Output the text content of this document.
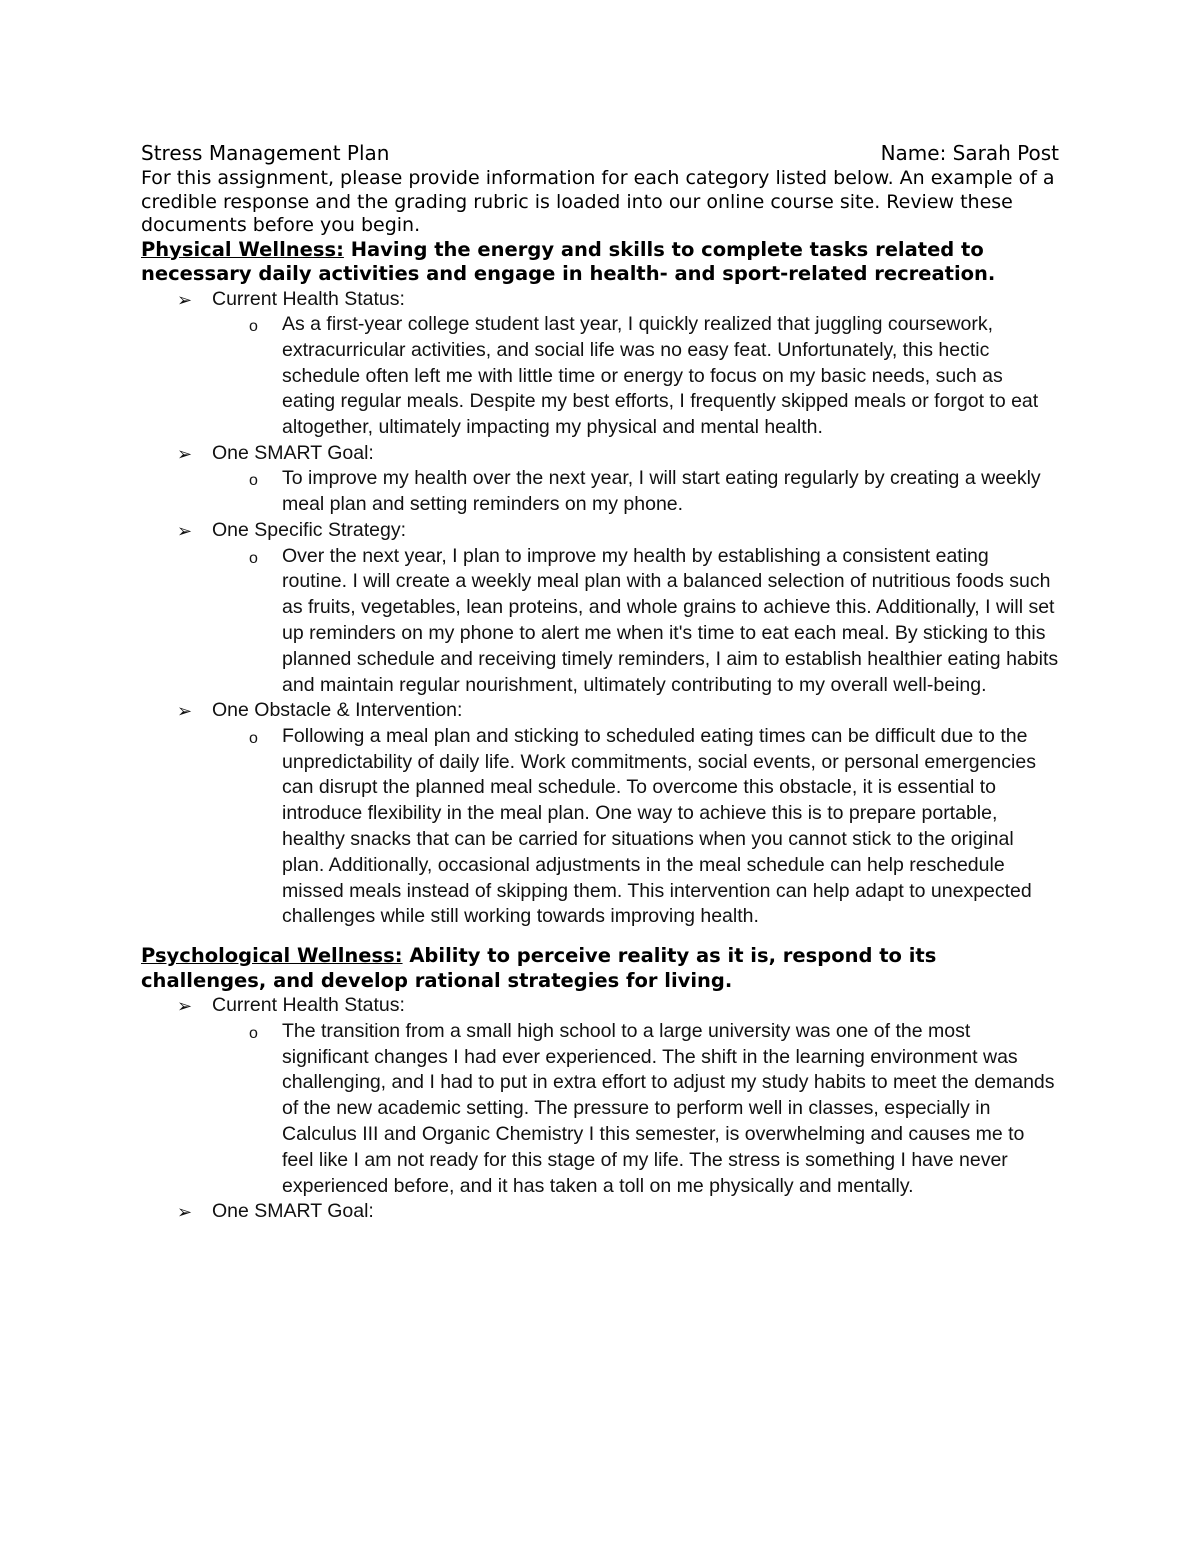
Stress Management Plan	Name: Sarah Post

For this assignment, please provide information for each category listed below. An example of a credible response and the grading rubric is loaded into our online course site. Review these documents before you begin.

Physical Wellness: Having the energy and skills to complete tasks related to necessary daily activities and engage in health- and sport-related recreation.

➢ Current Health Status:
o As a first-year college student last year, I quickly realized that juggling coursework, extracurricular activities, and social life was no easy feat. Unfortunately, this hectic schedule often left me with little time or energy to focus on my basic needs, such as eating regular meals. Despite my best efforts, I frequently skipped meals or forgot to eat altogether, ultimately impacting my physical and mental health.
➢ One SMART Goal:
o To improve my health over the next year, I will start eating regularly by creating a weekly meal plan and setting reminders on my phone.
➢ One Specific Strategy:
o Over the next year, I plan to improve my health by establishing a consistent eating routine. I will create a weekly meal plan with a balanced selection of nutritious foods such as fruits, vegetables, lean proteins, and whole grains to achieve this. Additionally, I will set up reminders on my phone to alert me when it's time to eat each meal. By sticking to this planned schedule and receiving timely reminders, I aim to establish healthier eating habits and maintain regular nourishment, ultimately contributing to my overall well-being.
➢ One Obstacle & Intervention:
o Following a meal plan and sticking to scheduled eating times can be difficult due to the unpredictability of daily life. Work commitments, social events, or personal emergencies can disrupt the planned meal schedule. To overcome this obstacle, it is essential to introduce flexibility in the meal plan. One way to achieve this is to prepare portable, healthy snacks that can be carried for situations when you cannot stick to the original plan. Additionally, occasional adjustments in the meal schedule can help reschedule missed meals instead of skipping them. This intervention can help adapt to unexpected challenges while still working towards improving health.

Psychological Wellness: Ability to perceive reality as it is, respond to its challenges, and develop rational strategies for living.

➢ Current Health Status:
o The transition from a small high school to a large university was one of the most significant changes I had ever experienced. The shift in the learning environment was challenging, and I had to put in extra effort to adjust my study habits to meet the demands of the new academic setting. The pressure to perform well in classes, especially in Calculus III and Organic Chemistry I this semester, is overwhelming and causes me to feel like I am not ready for this stage of my life. The stress is something I have never experienced before, and it has taken a toll on me physically and mentally.
➢ One SMART Goal:
